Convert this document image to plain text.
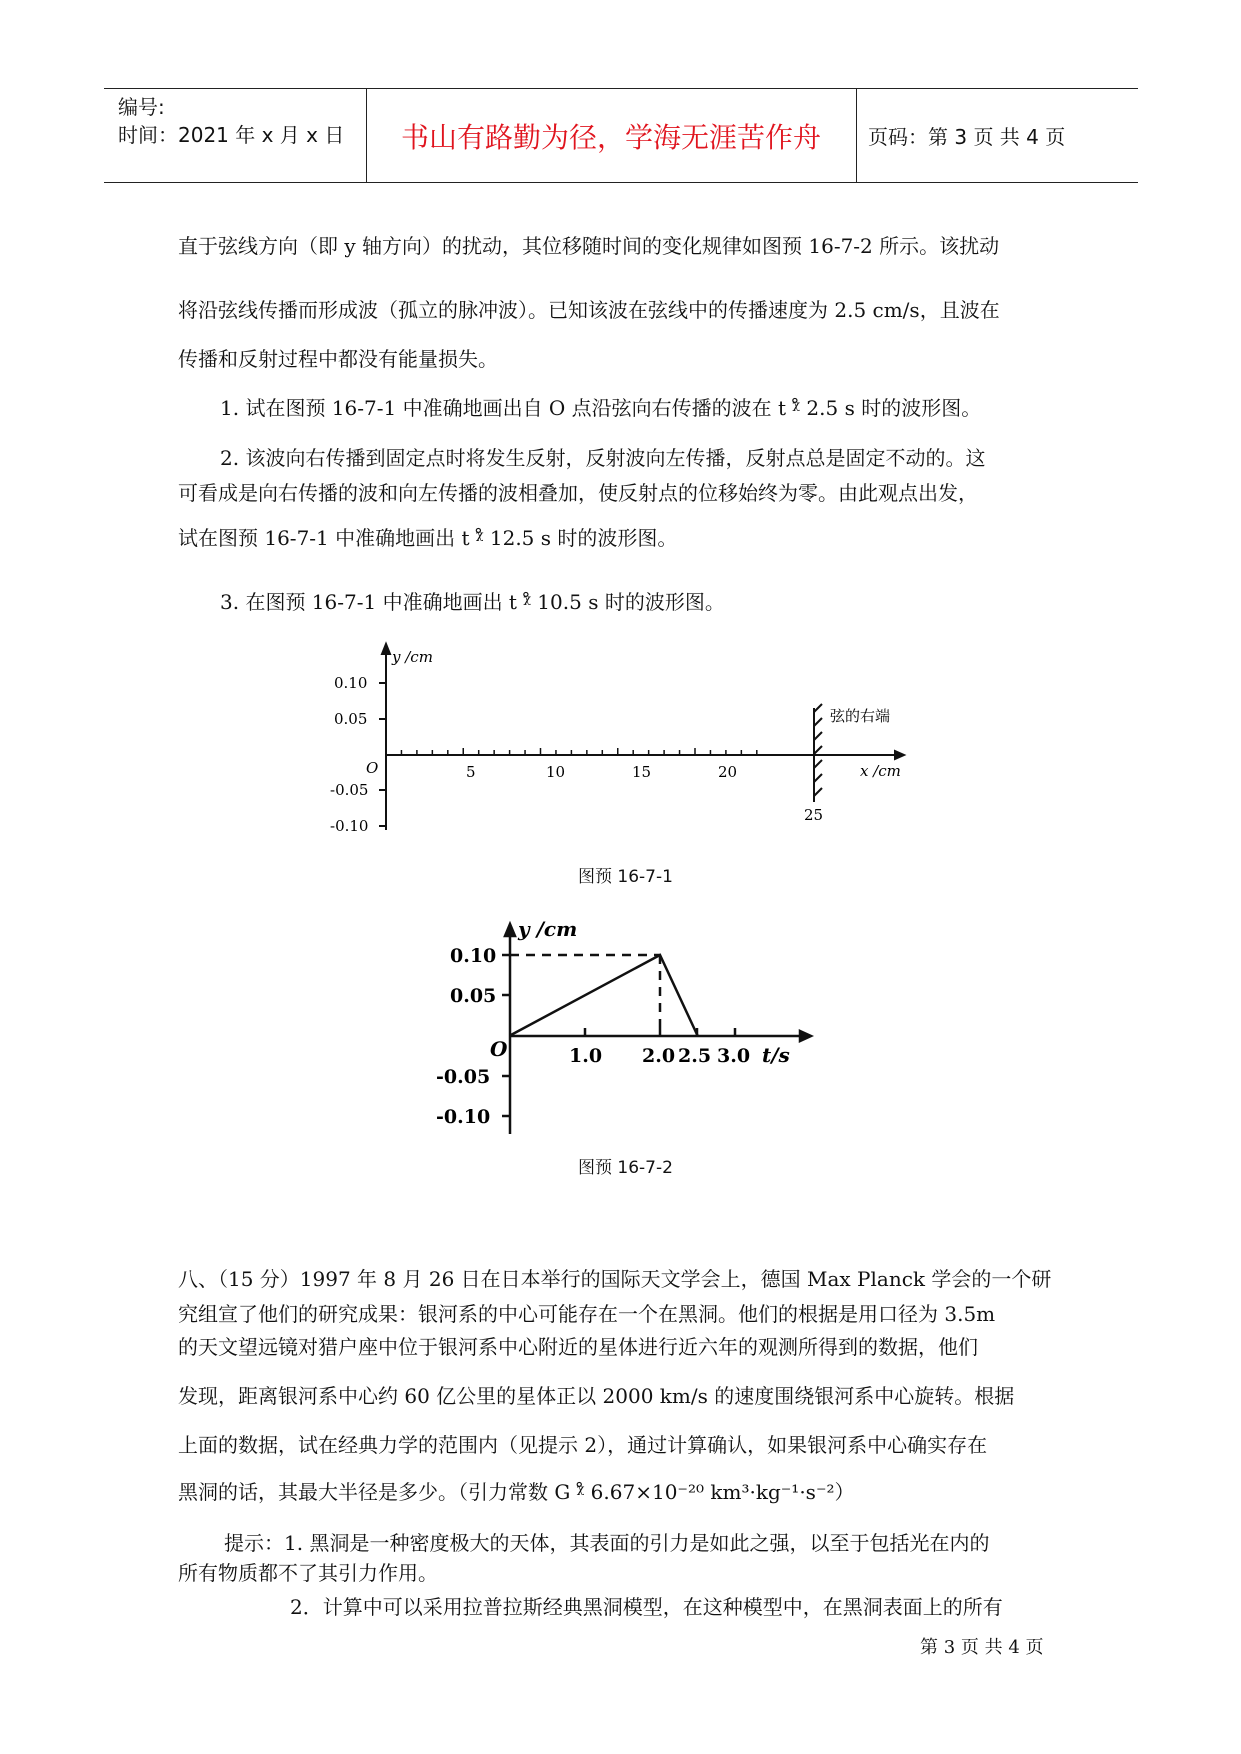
编号:
时间：2021 年 x 月 x 日	书山有路勤为径，学海无涯苦作舟	页码：第 3 页 共 4 页
直于弦线方向（即 y 轴方向）的扰动，其位移随时间的变化规律如图预 16-7-2 所示。该扰动
将沿弦线传播而形成波（孤立的脉冲波）。已知该波在弦线中的传播速度为 2.5 cm/s，且波在
传播和反射过程中都没有能量损失。
1. 试在图预 16-7-1 中准确地画出自 O 点沿弦向右传播的波在 t ᵡ̊ 2.5 s 时的波形图。
2. 该波向右传播到固定点时将发生反射，反射波向左传播，反射点总是固定不动的。这
可看成是向右传播的波和向左传播的波相叠加，使反射点的位移始终为零。由此观点出发，
试在图预 16-7-1 中准确地画出 t ᵡ̊ 12.5 s 时的波形图。
3. 在图预 16-7-1 中准确地画出 t ᵡ̊ 10.5 s 时的波形图。
y /cm
x /cm
O
0.10
0.05
-0.05
-0.10
5	10	15	20
25
弦的右端
图预 16-7-1
y /cm
t/s
O
0.10
0.05
-0.05
-0.10
1.0 2.0 2.5 3.0
图预 16-7-2
八、（15 分）1997 年 8 月 26 日在日本举行的国际天文学会上，德国 Max Planck 学会的一个研
究组宣了他们的研究成果：银河系的中心可能存在一个在黑洞。他们的根据是用口径为 3.5m
的天文望远镜对猎户座中位于银河系中心附近的星体进行近六年的观测所得到的数据，他们
发现，距离银河系中心约 60 亿公里的星体正以 2000 km/s 的速度围绕银河系中心旋转。根据
上面的数据，试在经典力学的范围内（见提示 2），通过计算确认，如果银河系中心确实存在
黑洞的话，其最大半径是多少。（引力常数 G ᵡ̊ 6.67×10⁻²⁰ km³·kg⁻¹·s⁻²）
提示：1. 黑洞是一种密度极大的天体，其表面的引力是如此之强，以至于包括光在内的
所有物质都不了其引力作用。
2．计算中可以采用拉普拉斯经典黑洞模型，在这种模型中，在黑洞表面上的所有
第 3 页 共 4 页
